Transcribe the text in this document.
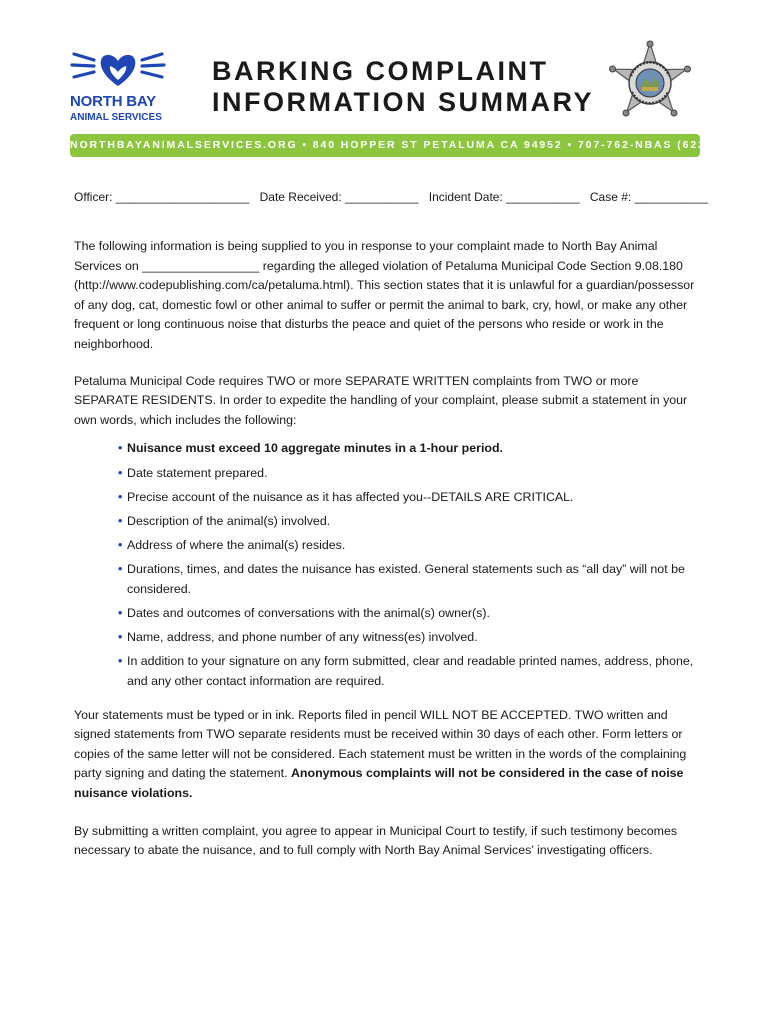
NORTH BAY
ANIMAL SERVICES
BARKING COMPLAINT
INFORMATION SUMMARY
NORTHBAYANIMALSERVICES.ORG • 840 HOPPER ST PETALUMA CA 94952 • 707-762-NBAS (6227)
Officer: ____________________ Date Received: ___________ Incident Date: ___________ Case #: ___________

The following information is being supplied to you in response to your complaint made to North Bay Animal Services on _________________ regarding the alleged violation of Petaluma Municipal Code Section 9.08.180 (http://www.codepublishing.com/ca/petaluma.html). This section states that it is unlawful for a guardian/possessor of any dog, cat, domestic fowl or other animal to suffer or permit the animal to bark, cry, howl, or make any other frequent or long continuous noise that disturbs the peace and quiet of the persons who reside or work in the neighborhood.

Petaluma Municipal Code requires TWO or more SEPARATE WRITTEN complaints from TWO or more SEPARATE RESIDENTS. In order to expedite the handling of your complaint, please submit a statement in your own words, which includes the following:

• Nuisance must exceed 10 aggregate minutes in a 1-hour period.
• Date statement prepared.
• Precise account of the nuisance as it has affected you--DETAILS ARE CRITICAL.
• Description of the animal(s) involved.
• Address of where the animal(s) resides.
• Durations, times, and dates the nuisance has existed. General statements such as “all day” will not be considered.
• Dates and outcomes of conversations with the animal(s) owner(s).
• Name, address, and phone number of any witness(es) involved.
• In addition to your signature on any form submitted, clear and readable printed names, address, phone, and any other contact information are required.

Your statements must be typed or in ink. Reports filed in pencil WILL NOT BE ACCEPTED. TWO written and signed statements from TWO separate residents must be received within 30 days of each other. Form letters or copies of the same letter will not be considered. Each statement must be written in the words of the complaining party signing and dating the statement. Anonymous complaints will not be considered in the case of noise nuisance violations.

By submitting a written complaint, you agree to appear in Municipal Court to testify, if such testimony becomes necessary to abate the nuisance, and to full comply with North Bay Animal Services’ investigating officers.
